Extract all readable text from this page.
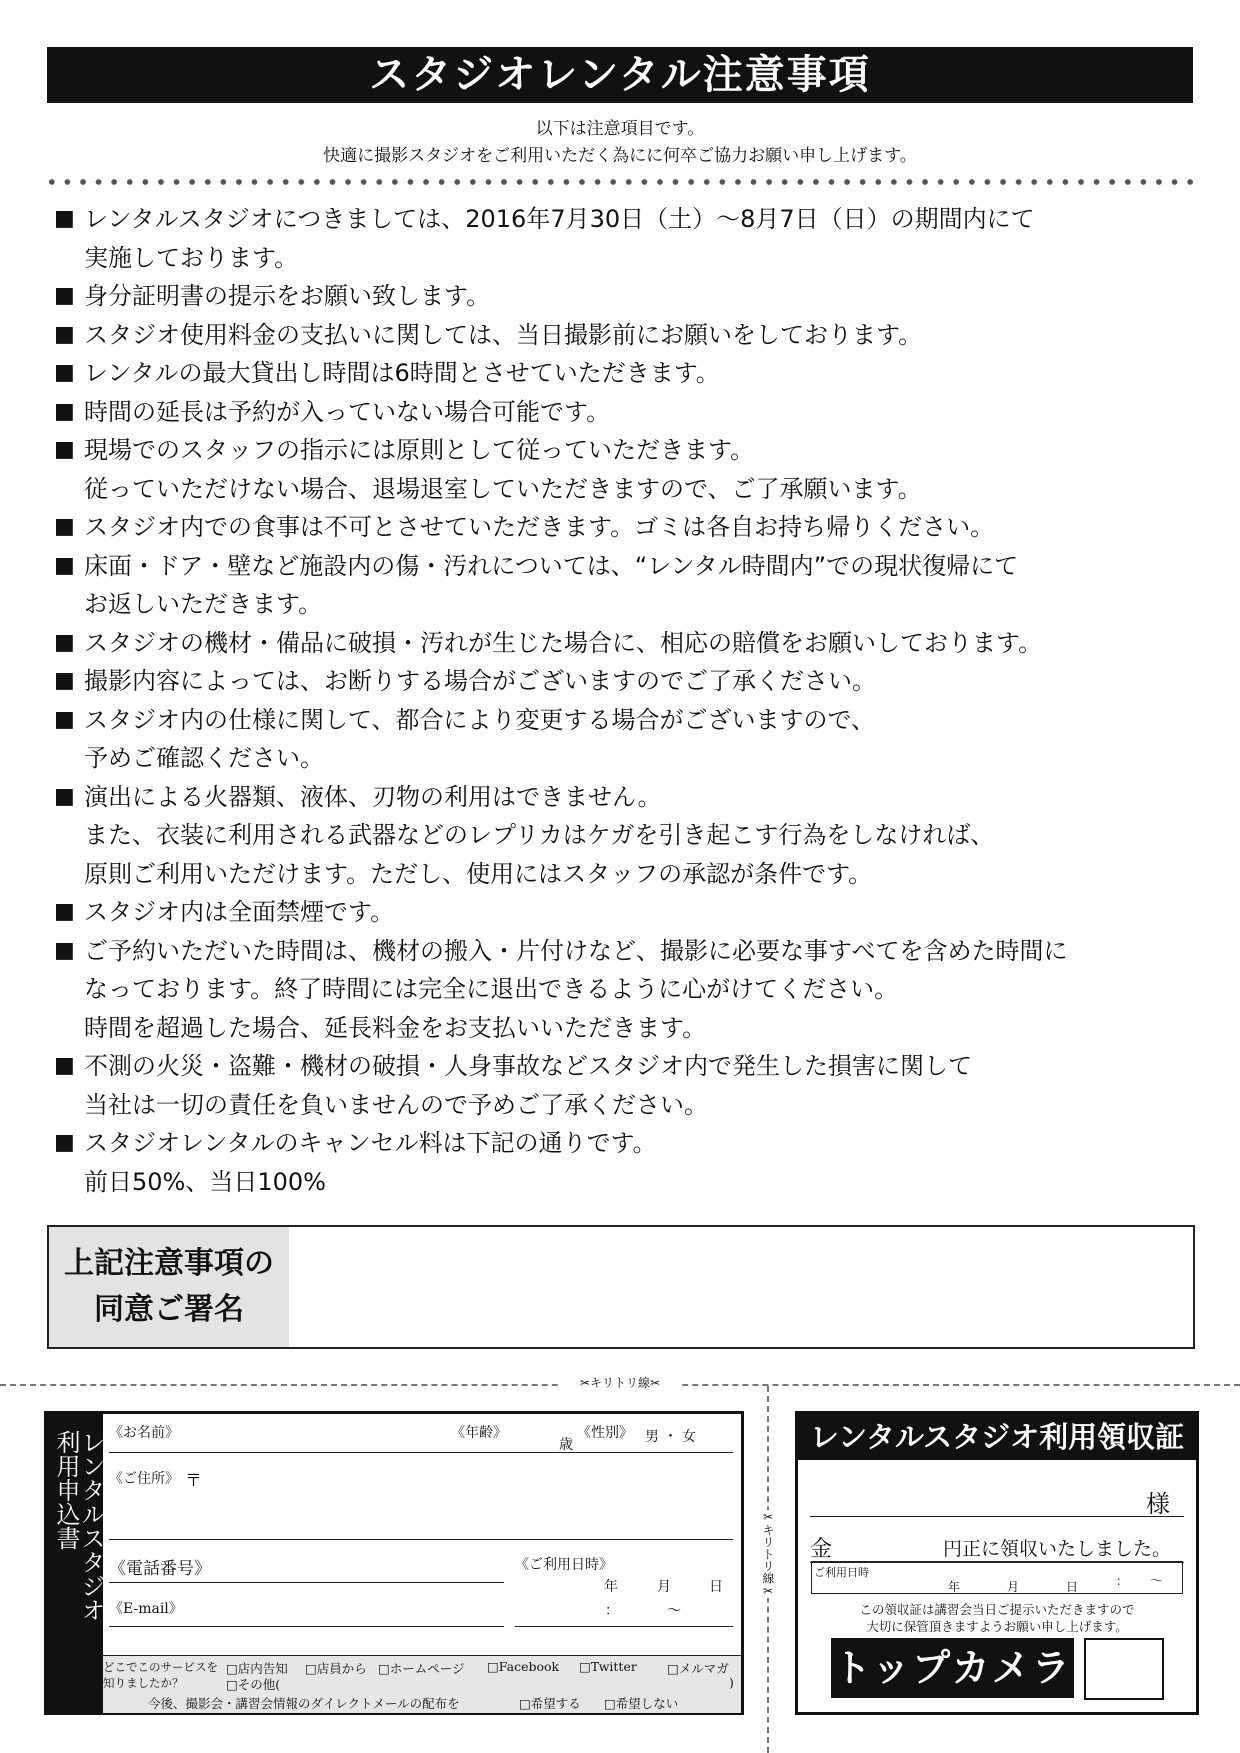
スタジオレンタル注意事項
以下は注意項目です。
快適に撮影スタジオをご利用いただく為にに何卒ご協力お願い申し上げます。
■ レンタルスタジオにつきましては、2016年7月30日（土）～8月7日（日）の期間内にて
実施しております。
■ 身分証明書の提示をお願い致します。
■ スタジオ使用料金の支払いに関しては、当日撮影前にお願いをしております。
■ レンタルの最大貸出し時間は6時間とさせていただきます。
■ 時間の延長は予約が入っていない場合可能です。
■ 現場でのスタッフの指示には原則として従っていただきます。
従っていただけない場合、退場退室していただきますので、ご了承願います。
■ スタジオ内での食事は不可とさせていただきます。ゴミは各自お持ち帰りください。
■ 床面・ドア・壁など施設内の傷・汚れについては、“レンタル時間内”での現状復帰にて
お返しいただきます。
■ スタジオの機材・備品に破損・汚れが生じた場合に、相応の賠償をお願いしております。
■ 撮影内容によっては、お断りする場合がございますのでご了承ください。
■ スタジオ内の仕様に関して、都合により変更する場合がございますので、
予めご確認ください。
■ 演出による火器類、液体、刃物の利用はできません。
また、衣装に利用される武器などのレプリカはケガを引き起こす行為をしなければ、
原則ご利用いただけます。ただし、使用にはスタッフの承認が条件です。
■ スタジオ内は全面禁煙です。
■ ご予約いただいた時間は、機材の搬入・片付けなど、撮影に必要な事すべてを含めた時間に
なっております。終了時間には完全に退出できるように心がけてください。
時間を超過した場合、延長料金をお支払いいただきます。
■ 不測の火災・盗難・機材の破損・人身事故などスタジオ内で発生した損害に関して
当社は一切の責任を負いませんので予めご了承ください。
■ スタジオレンタルのキャンセル料は下記の通りです。
前日50%、当日100%
上記注意事項の
同意ご署名
✂キリトリ線✂
✂キリトリ線✂
レンタルスタジオ
利用申込書	《お名前》	《年齢》
歳
《性別》 男 ・ 女
《ご住所》 〒
《電話番号》	《ご利用日時》
年	月	日
：	～
《E-mail》
どこでこのサービスを
知りましたか？
□店内告知 □店員から □ホームページ □Facebook □Twitter □メルマガ
□その他(	)
今後、撮影会・講習会情報のダイレクトメールの配布を	□希望する □希望しない
レンタルスタジオ利用領収証
様
金	円正に領収いたしました。
ご利用日時
年	月	日	： ～
この領収証は講習会当日ご提示いただきますので
大切に保管頂きますようお願い申し上げます。
トップカメラ
